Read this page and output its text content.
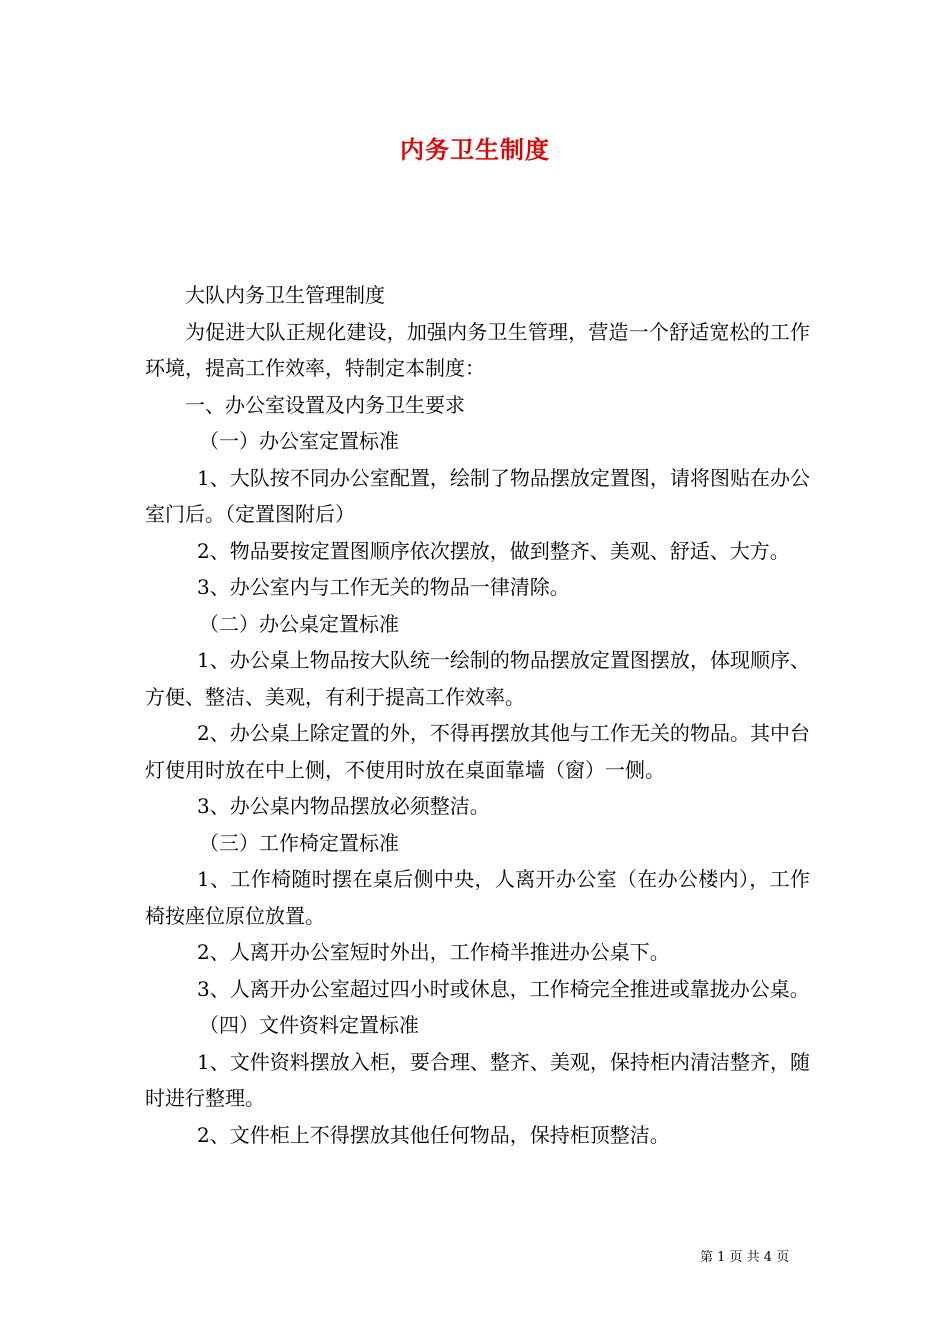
内务卫生制度

大队内务卫生管理制度

为促进大队正规化建设，加强内务卫生管理，营造一个舒适宽松的工作环境，提高工作效率，特制定本制度：

一、办公室设置及内务卫生要求

（一）办公室定置标准

1、大队按不同办公室配置，绘制了物品摆放定置图，请将图贴在办公室门后。（定置图附后）

2、物品要按定置图顺序依次摆放，做到整齐、美观、舒适、大方。

3、办公室内与工作无关的物品一律清除。

（二）办公桌定置标准

1、办公桌上物品按大队统一绘制的物品摆放定置图摆放，体现顺序、方便、整洁、美观，有利于提高工作效率。

2、办公桌上除定置的外，不得再摆放其他与工作无关的物品。其中台灯使用时放在中上侧，不使用时放在桌面靠墙（窗）一侧。

3、办公桌内物品摆放必须整洁。

（三）工作椅定置标准

1、工作椅随时摆在桌后侧中央，人离开办公室（在办公楼内），工作椅按座位原位放置。

2、人离开办公室短时外出，工作椅半推进办公桌下。

3、人离开办公室超过四小时或休息，工作椅完全推进或靠拢办公桌。

（四）文件资料定置标准

1、文件资料摆放入柜，要合理、整齐、美观，保持柜内清洁整齐，随时进行整理。

2、文件柜上不得摆放其他任何物品，保持柜顶整洁。

第 1 页 共 4 页
